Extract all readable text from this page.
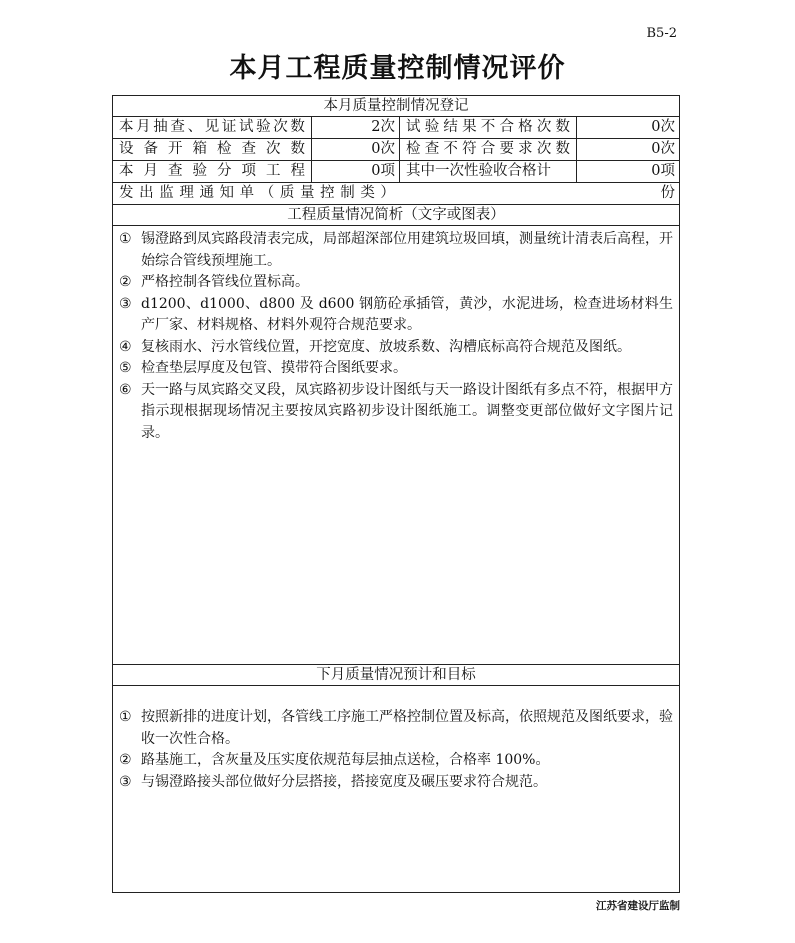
B5-2
本月工程质量控制情况评价
本月质量控制情况登记
本 月 抽 查 、 见 证 试 验 次 数	2次 试 验 结 果 不 合 格 次 数	0次
设 备 开 箱 检 查 次 数	0次 检 查 不 符 合 要 求 次 数	0次
本 月 查 验 分 项 工 程	0项 其中一次性验收合格计	0项
发 出 监 理 通 知 单 （ 质 量 控 制 类 ）	份
工程质量情况简析（文字或图表）
① 锡澄路到凤宾路段清表完成，局部超深部位用建筑垃圾回填，测量统计清表后高程，开始综合管线预埋施工。
② 严格控制各管线位置标高。
③ d1200、d1000、d800 及 d600 钢筋砼承插管，黄沙，水泥进场，检查进场材料生产厂家、材料规格、材料外观符合规范要求。
④ 复核雨水、污水管线位置，开挖宽度、放坡系数、沟槽底标高符合规范及图纸。
⑤ 检查垫层厚度及包管、摸带符合图纸要求。
⑥ 天一路与凤宾路交叉段，凤宾路初步设计图纸与天一路设计图纸有多点不符，根据甲方指示现根据现场情况主要按凤宾路初步设计图纸施工。调整变更部位做好文字图片记录。
下月质量情况预计和目标
① 按照新排的进度计划，各管线工序施工严格控制位置及标高，依照规范及图纸要求，验收一次性合格。
② 路基施工，含灰量及压实度依规范每层抽点送检，合格率 100%。
③ 与锡澄路接头部位做好分层搭接，搭接宽度及碾压要求符合规范。
江苏省建设厅监制
